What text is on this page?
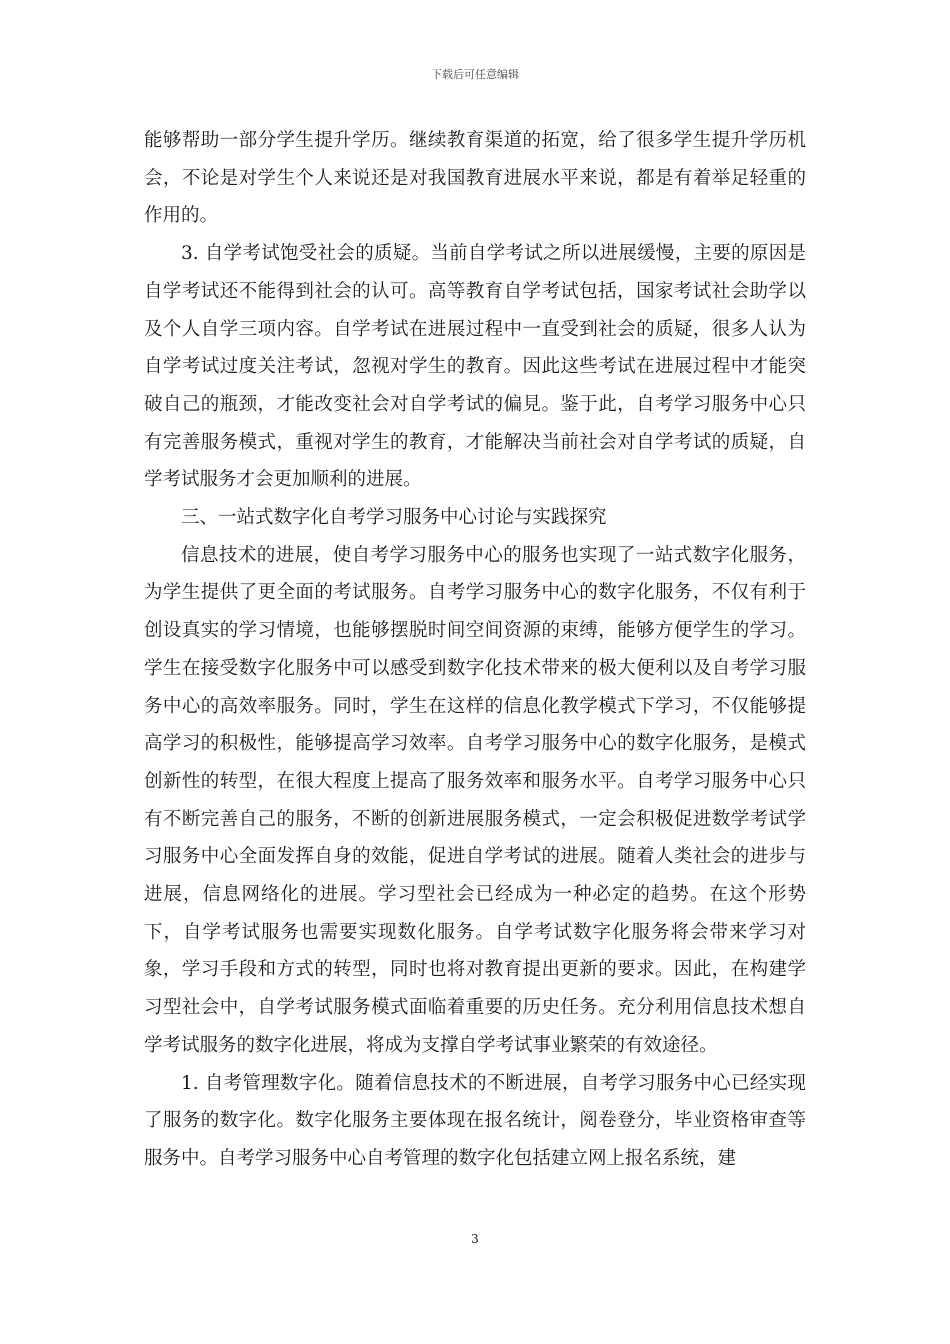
下载后可任意编辑

能够帮助一部分学生提升学历。继续教育渠道的拓宽，给了很多学生提升学历机会，不论是对学生个人来说还是对我国教育进展水平来说，都是有着举足轻重的作用的。

3. 自学考试饱受社会的质疑。当前自学考试之所以进展缓慢，主要的原因是自学考试还不能得到社会的认可。高等教育自学考试包括，国家考试社会助学以及个人自学三项内容。自学考试在进展过程中一直受到社会的质疑，很多人认为自学考试过度关注考试，忽视对学生的教育。因此这些考试在进展过程中才能突破自己的瓶颈，才能改变社会对自学考试的偏見。鉴于此，自考学习服务中心只有完善服务模式，重视对学生的教育，才能解决当前社会对自学考试的质疑，自学考试服务才会更加顺利的进展。

三、一站式数字化自考学习服务中心讨论与实践探究

信息技术的进展，使自考学习服务中心的服务也实现了一站式数字化服务，为学生提供了更全面的考试服务。自考学习服务中心的数字化服务，不仅有利于创设真实的学习情境，也能够摆脱时间空间资源的束缚，能够方便学生的学习。学生在接受数字化服务中可以感受到数字化技术带来的极大便利以及自考学习服务中心的高效率服务。同时，学生在这样的信息化教学模式下学习，不仅能够提高学习的积极性，能够提高学习效率。自考学习服务中心的数字化服务，是模式创新性的转型，在很大程度上提高了服务效率和服务水平。自考学习服务中心只有不断完善自己的服务，不断的创新进展服务模式，一定会积极促进数学考试学习服务中心全面发挥自身的效能，促进自学考试的进展。随着人类社会的进步与进展，信息网络化的进展。学习型社会已经成为一种必定的趋势。在这个形势下，自学考试服务也需要实现数化服务。自学考试数字化服务将会带来学习对象，学习手段和方式的转型，同时也将对教育提出更新的要求。因此，在构建学习型社会中，自学考试服务模式面临着重要的历史任务。充分利用信息技术想自学考试服务的数字化进展，将成为支撑自学考试事业繁荣的有效途径。

1. 自考管理数字化。随着信息技术的不断进展，自考学习服务中心已经实现了服务的数字化。数字化服务主要体现在报名统计，阅卷登分，毕业资格审查等服务中。自考学习服务中心自考管理的数字化包括建立网上报名系统，建

3
